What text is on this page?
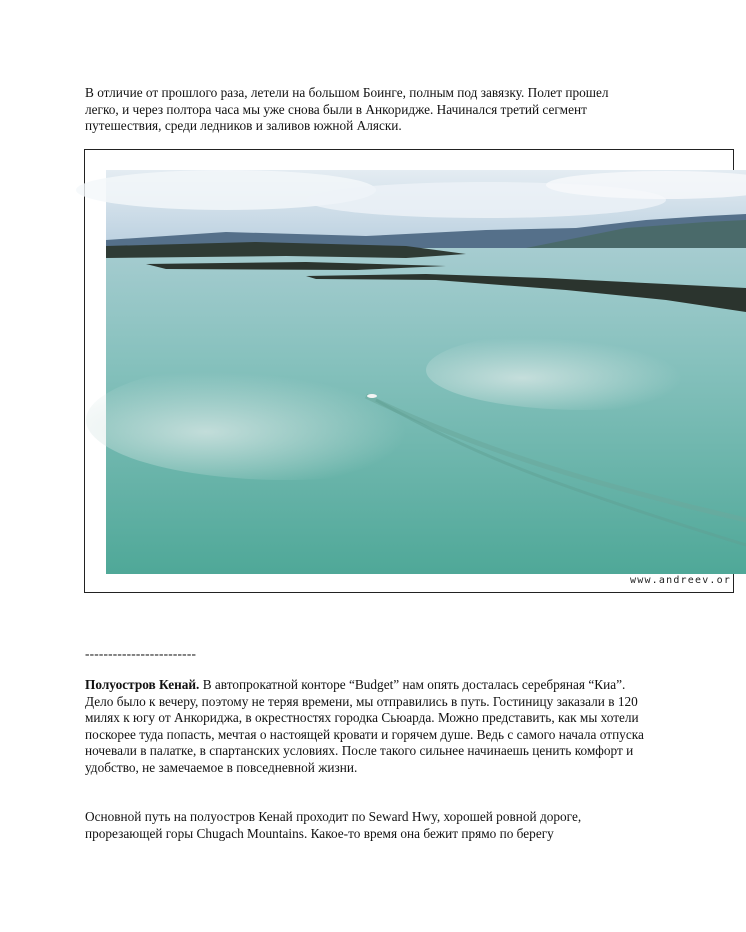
В отличие от прошлого раза, летели на большом Боинге, полным под завязку. Полет прошел легко, и через полтора часа мы уже снова были в Анкоридже. Начинался третий сегмент путешествия, среди ледников и заливов южной Аляски.

www.andreev.or
------------------------

Полуостров Кенай. В автопрокатной конторе “Budget” нам опять досталась серебряная “Киа”. Дело было к вечеру, поэтому не теряя времени, мы отправились в путь. Гостиницу заказали в 120 милях к югу от Анкориджа, в окрестностях городка Сьюарда. Можно представить, как мы хотели поскорее туда попасть, мечтая о настоящей кровати и горячем душе. Ведь с самого начала отпуска ночевали в палатке, в спартанских условиях. После такого сильнее начинаешь ценить комфорт и удобство, не замечаемое в повседневной жизни.

Основной путь на полуостров Кенай проходит по Seward Hwy, хорошей ровной дороге, прорезающей горы Chugach Mountains. Какое-то время она бежит прямо по берегу
